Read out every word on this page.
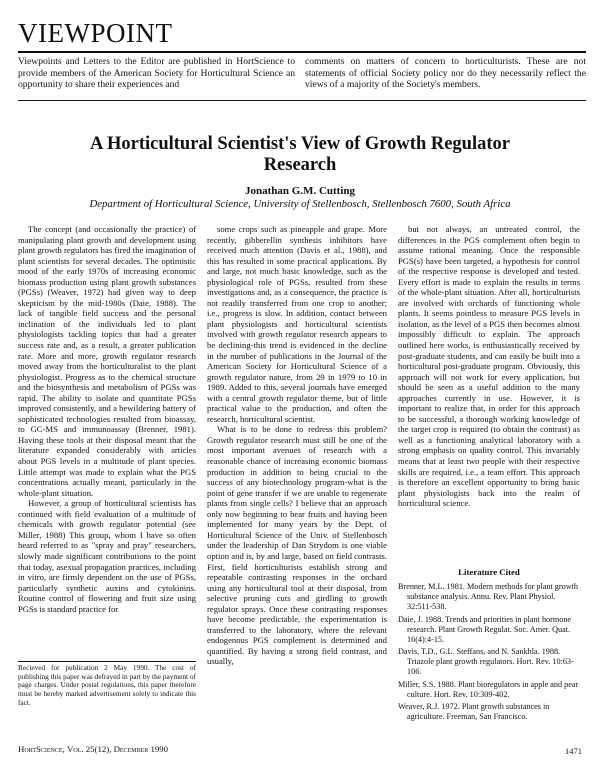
VIEWPOINT
Viewpoints and Letters to the Editor are published in HortScience to provide members of the American Society for Horticultural Science an opportunity to share their experiences and
comments on matters of concern to horticulturists. These are not statements of official Society policy nor do they necessarily reflect the views of a majority of the Society's members.
A Horticultural Scientist's View of Growth Regulator Research
Jonathan G.M. Cutting
Department of Horticultural Science, University of Stellenbosch, Stellenbosch 7600, South Africa

The concept (and occasionally the practice) of manipulating plant growth and development using plant growth regulators has fired the imagination of plant scientists for several decades. The optimistic mood of the early 1970s of increasing economic biomass production using plant growth substances (PGSs) (Weaver, 1972) had given way to deep skepticism by the mid-1980s (Daie, 1988). The lack of tangible field success and the personal inclination of the individuals led to plant physiologists tackling topics that had a greater success rate and, as a result, a greater publication rate. More and more, growth regulator research moved away from the horticulturalist to the plant physiologist. Progress as to the chemical structure and the biosynthesis and metabolism of PGSs was rapid. The ability to isolate and quantitate PGSs improved consistently, and a bewildering battery of sophisticated technologies resulted from bioassay, to GC-MS and immunoassay (Brenner, 1981). Having these tools at their disposal meant that the literature expanded considerably with articles about PGS levels in a multitude of plant species. Little attempt was made to explain what the PGS concentrations actually meant, particularly in the whole-plant situation.

However, a group of horticultural scientists has continued with field evaluation of a multitude of chemicals with growth regulator potential (see Miller, 1988) This group, whom I have so often heard referred to as "spray and pray" researchers, slowly made significant contributions to the point that today, asexual propagation practices, including in vitro, are firmly dependent on the use of PGSs, particularly synthetic auxins and cytokinins. Routine control of flowering and fruit size using PGSs is standard practice for

some crops such as pineapple and grape. More recently, gibberellin synthesis inhibitors have received much attention (Davis et al., 1988), and this has resulted in some practical applications. By and large, not much basic knowledge, such as the physiological role of PGSs, resulted from these investigations and, as a consequence, the practice is not readily transferred from one crop to another; i.e., progress is slow. In addition, contact between plant physiologists and horticultural scientists involved with growth regulator research appears to be declining-this trend is evidenced in the decline in the number of publications in the Journal of the American Society for Horticultural Science of a growth regulator nature, from 29 in 1979 to 10 in 1989. Added to this, several journals have emerged with a central growth regulator theme, but of little practical value to the production, and often the research, horticultural scientist.

What is to be done to redress this problem? Growth regulator research must still be one of the most important avenues of research with a reasonable chance of increasing economic biomass production in addition to being crucial to the success of any biotechnology program-what is the point of gene transfer if we are unable to regenerate plants from single cells? I believe that an approach only now beginning to bear fruits and having been implemented for many years by the Dept. of Horticultural Science of the Univ. of Stellenbosch under the leadership of Dan Strydom is one viable option and is, by and large, based on field contrasts. First, field horticulturists establish strong and repeatable contrasting responses in the orchard using any horticultural tool at their disposal, from selective pruning cuts and girdling to growth regulator sprays. Once these contrasting responses have become predictable, the experimentation is transferred to the laboratory, where the relevant endogenous PGS complement is determined and quantified. By having a strong field contrast, and usually,

but not always, an untreated control, the differences in the PGS complement often begin to assume rational meaning. Once the responsible PGS(s) have been targeted, a hypothesis for control of the respective response is developed and tested. Every effort is made to explain the results in terms of the whole-plant situation. After all, horticulturists are involved with orchards of functioning whole plants. It seems pointless to measure PGS levels in isolation, as the level of a PGS then becomes almost impossibly difficult to explain. The approach outlined here works, is enthusiastically received by post-graduate students, and can easily be built into a horticultural post-graduate program. Obviously, this approach will not work for every application, but should be seen as a useful addition to the many approaches currently in use. However, it is important to realize that, in order for this approach to be successful, a thorough working knowledge of the target crop is required (to obtain the contrast) as well as a functioning analytical laboratory with a strong emphasis on quality control. This invariably means that at least two people with their respective skills are required, i.e., a team effort. This approach is therefore an excellent opportunity to bring basic plant physiologists back into the realm of horticultural science.

Recieved for publication 2 May 1990. The cost of publishing this paper was defrayed in part by the payment of page charges. Under postal regulations, this paper therefore must be hereby marked advertisement solely to indicate this fact.
Literature Cited
Brenner, M.L. 1981. Modern methods for plant growth substance analysis. Annu. Rev. Plant Physiol. 32:511-538.
Daie, J. 1988. Trends and priorities in plant hormone research. Plant Growth Regulat. Soc. Amer. Quat. 16(4):4-15.
Davis, T.D., G.L. Steffans, and N. Sankhla. 1988. Triazole plant growth regulators. Hort. Rev. 10:63-106.
Miller, S.S. 1988. Plant bioregulators in apple and pear culture. Hort. Rev. 10:309-402.
Weaver, R.J. 1972. Plant growth substances in agriculture. Freeman, San Francisco.
HortScience, Vol. 25(12), December 1990	1471
